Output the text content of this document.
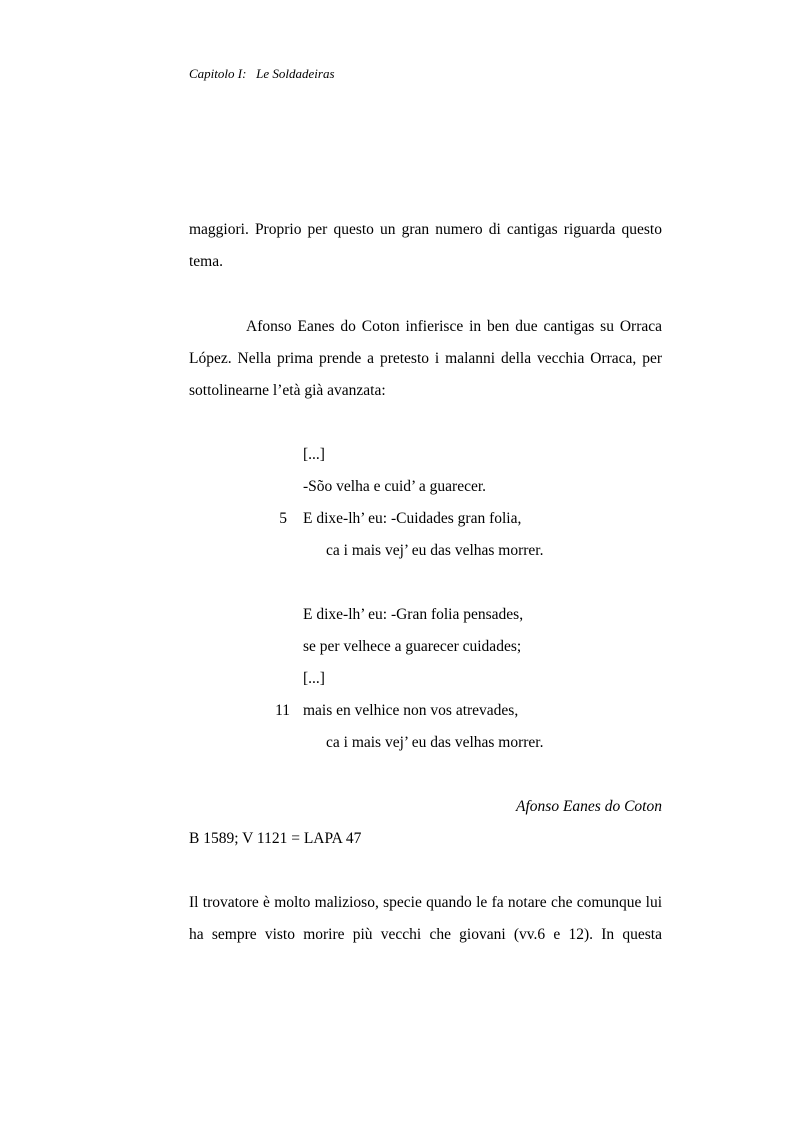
Capitolo I: Le Soldadeiras

maggiori. Proprio per questo un gran numero di cantigas riguarda questo tema.

Afonso Eanes do Coton infierisce in ben due cantigas su Orraca López. Nella prima prende a pretesto i malanni della vecchia Orraca, per sottolinearne l’età già avanzata:

[...]
-Sõo velha e cuid’ a guarecer.
5 E dixe-lh’ eu: -Cuidades gran folia,
ca i mais vej’ eu das velhas morrer.
E dixe-lh’ eu: -Gran folia pensades,
se per velhece a guarecer cuidades;
[...]
11 mais en velhice non vos atrevades,
ca i mais vej’ eu das velhas morrer.
Afonso Eanes do Coton
B 1589; V 1121 = LAPA 47

Il trovatore è molto malizioso, specie quando le fa notare che comunque lui ha sempre visto morire più vecchi che giovani (vv.6 e 12). In questa
